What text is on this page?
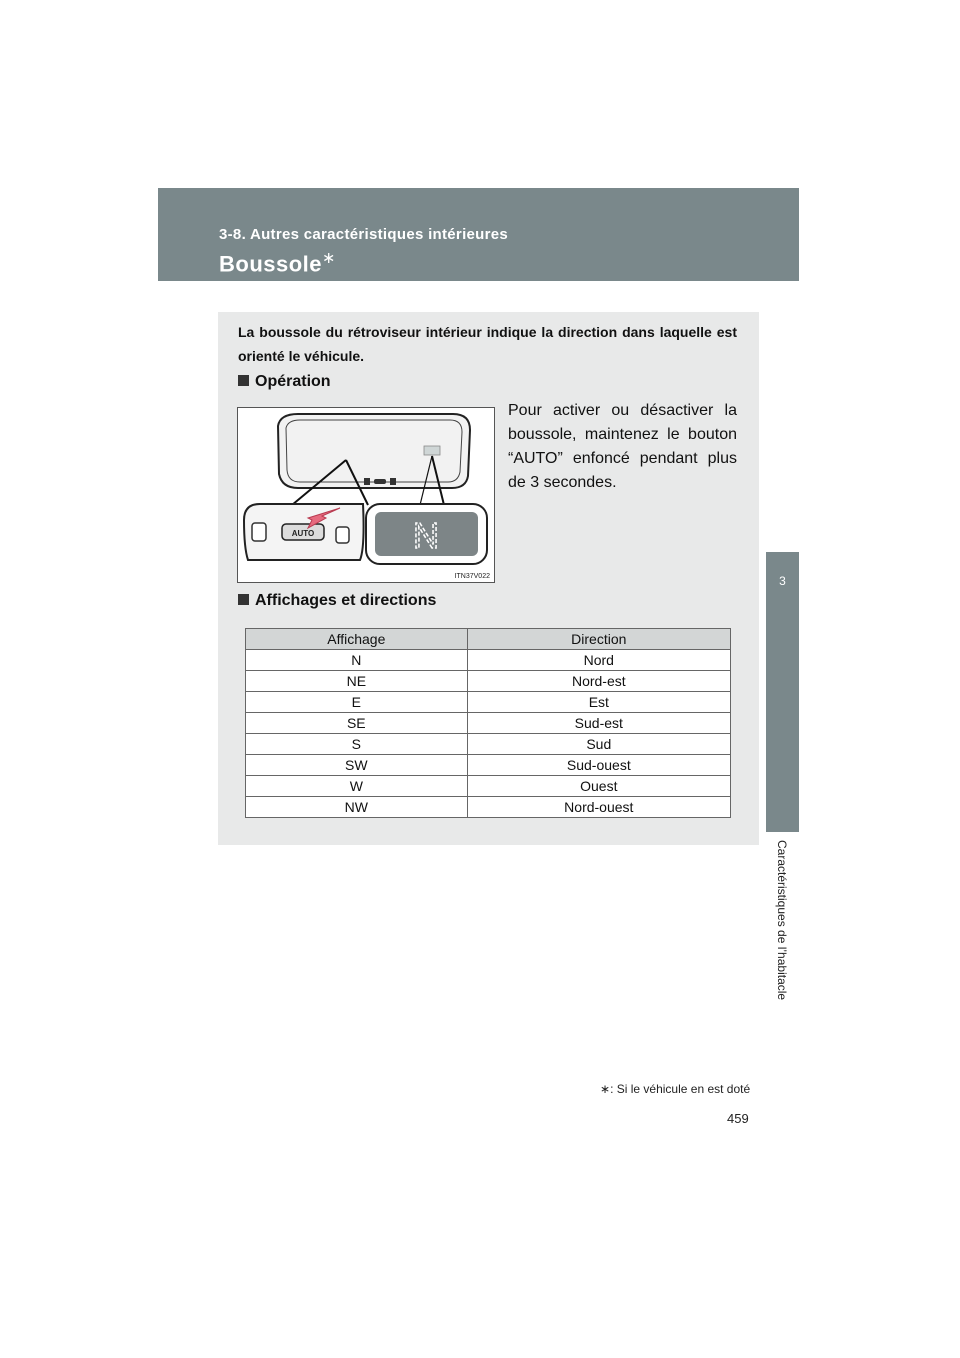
3-8. Autres caractéristiques intérieures
Boussole∗
3
Caractéristiques de l’habitacle
La boussole du rétroviseur intérieur indique la direction dans laquelle est orienté le véhicule.
Opération
AUTO	N
ITN37V022
Pour activer ou désactiver la boussole, maintenez le bouton “AUTO” enfoncé pendant plus de 3 secondes.
Affichages et directions
Affichage	Direction
N	Nord
NE	Nord-est
E	Est
SE	Sud-est
S	Sud
SW	Sud-ouest
W	Ouest
NW	Nord-ouest
∗: Si le véhicule en est doté
459
